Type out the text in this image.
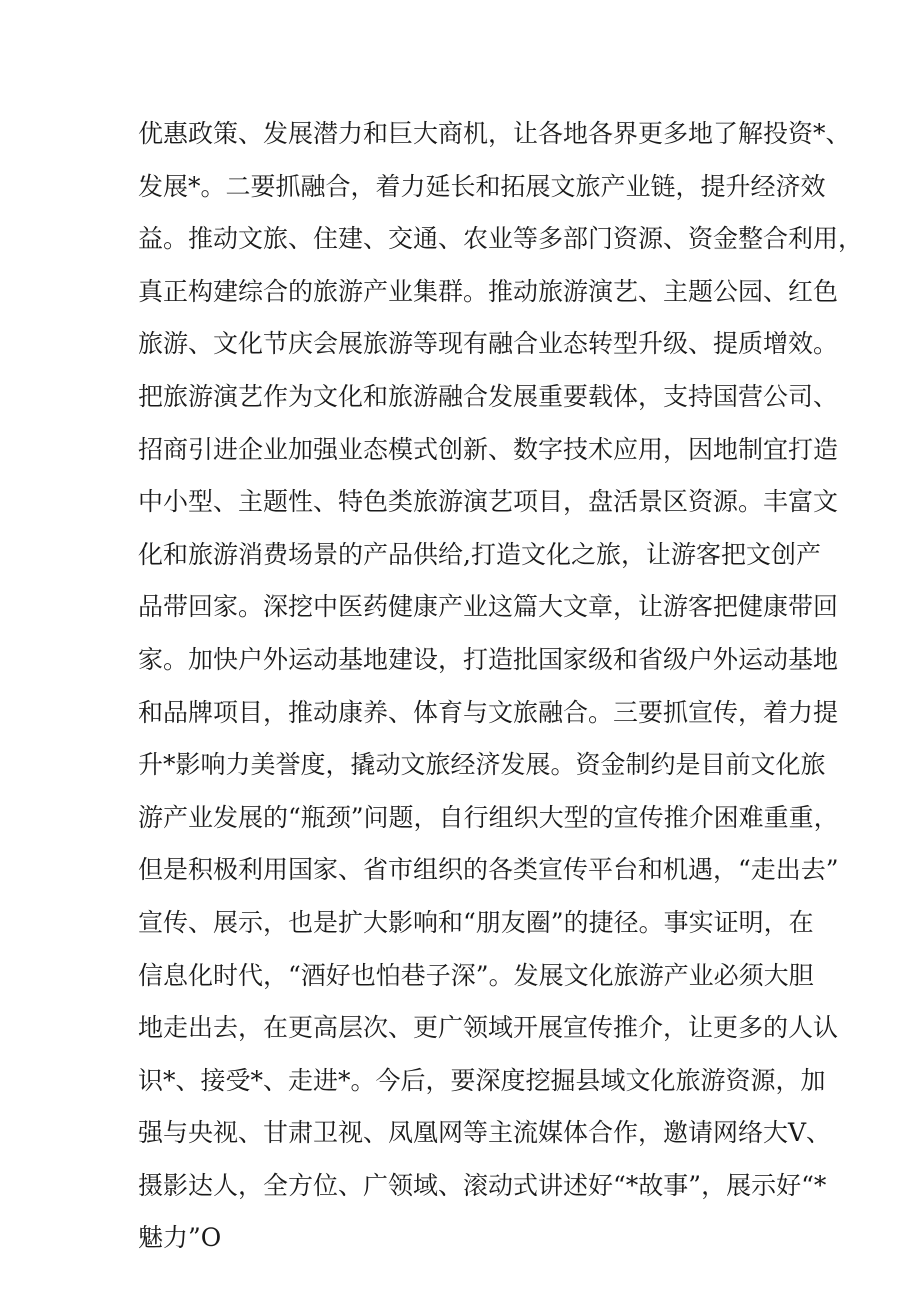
优惠政策、发展潜力和巨大商机，让各地各界更多地了解投资*、
发展*。二要抓融合，着力延长和拓展文旅产业链，提升经济效
益。推动文旅、住建、交通、农业等多部门资源、资金整合利用，
真正构建综合的旅游产业集群。推动旅游演艺、主题公园、红色
旅游、文化节庆会展旅游等现有融合业态转型升级、提质增效。
把旅游演艺作为文化和旅游融合发展重要载体，支持国营公司、
招商引进企业加强业态模式创新、数字技术应用，因地制宜打造
中小型、主题性、特色类旅游演艺项目，盘活景区资源。丰富文
化和旅游消费场景的产品供给,打造文化之旅，让游客把文创产
品带回家。深挖中医药健康产业这篇大文章，让游客把健康带回
家。加快户外运动基地建设，打造批国家级和省级户外运动基地
和品牌项目，推动康养、体育与文旅融合。三要抓宣传，着力提
升*影响力美誉度，撬动文旅经济发展。资金制约是目前文化旅
游产业发展的“瓶颈”问题，自行组织大型的宣传推介困难重重，
但是积极利用国家、省市组织的各类宣传平台和机遇，“走出去”
宣传、展示，也是扩大影响和“朋友圈”的捷径。事实证明，在
信息化时代，“酒好也怕巷子深”。发展文化旅游产业必须大胆
地走出去，在更高层次、更广领域开展宣传推介，让更多的人认
识*、接受*、走进*。今后，要深度挖掘县域文化旅游资源，加
强与央视、甘肃卫视、凤凰网等主流媒体合作，邀请网络大V、
摄影达人，全方位、广领域、滚动式讲述好“*故事”，展示好“*
魅力”O
